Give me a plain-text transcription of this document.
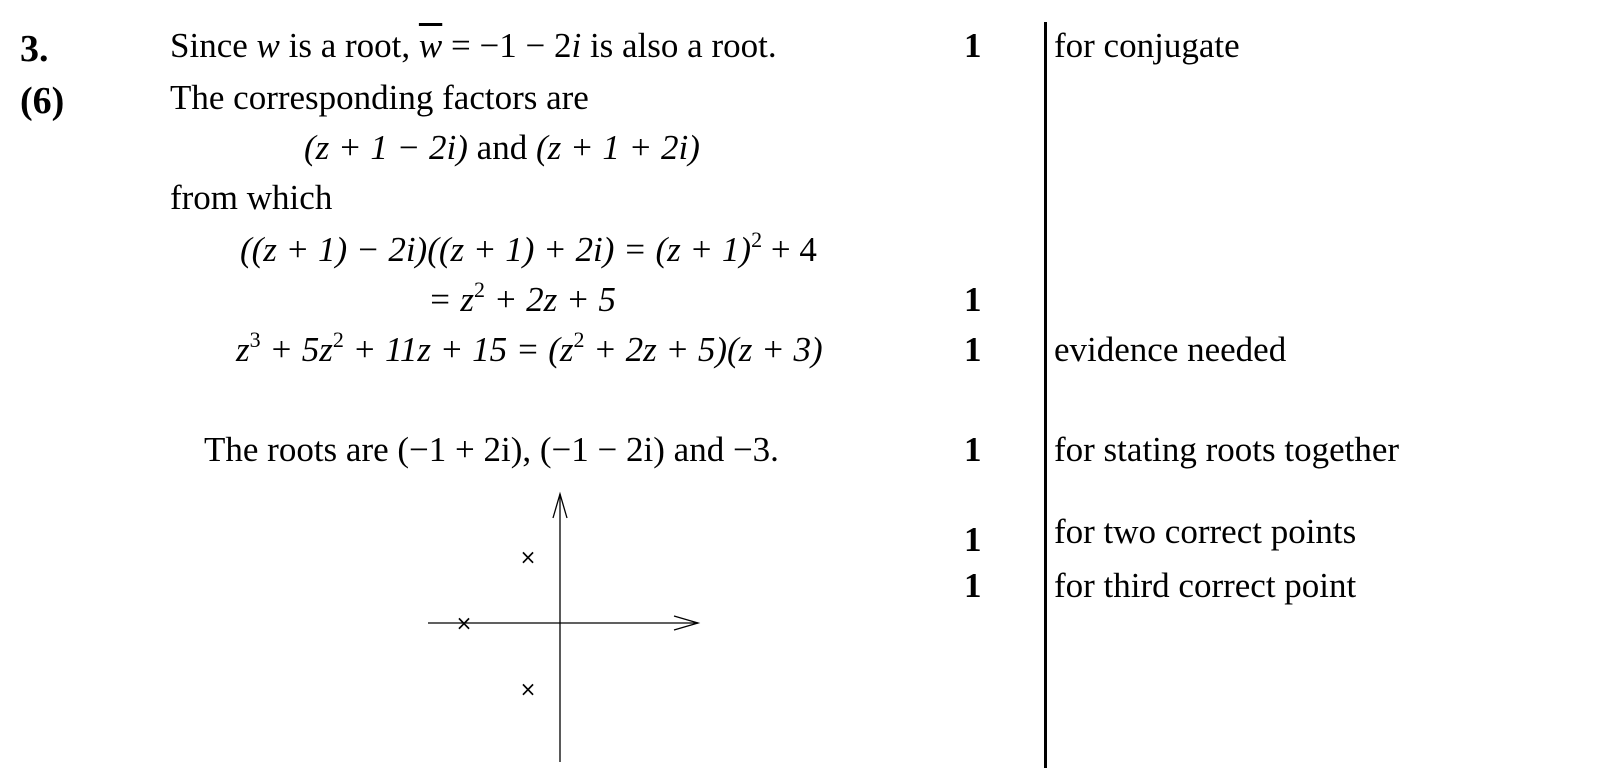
3.
(6)
Since w is a root, $\overline{w} = -1 - 2i$ is also a root.
The corresponding factors are
(z + 1 − 2i) and (z + 1 + 2i)
from which
$((z + 1) - 2i)((z + 1) + 2i) = (z + 1)^2 + 4$
= $z^2 + 2z + 5$
$z^3 + 5z^2 + 11z + 15 = (z^2 + 2z + 5)(z + 3)$
The roots are (−1 + 2i), (−1 − 2i) and −3.
1
1
1
1
1
1
for conjugate
evidence needed
for stating roots together
for two correct points
for third correct point
×
×
×
